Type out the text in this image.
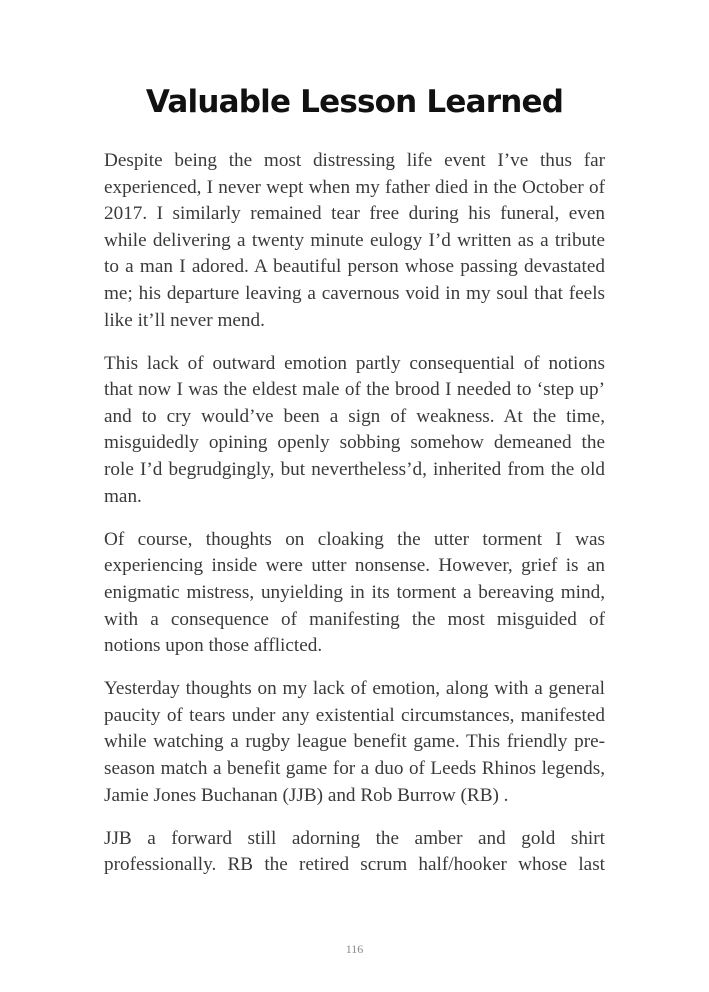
Valuable Lesson Learned

Despite being the most distressing life event I’ve thus far experienced, I never wept when my father died in the October of 2017. I similarly remained tear free during his funeral, even while delivering a twenty minute eulogy I’d written as a tribute to a man I adored. A beautiful person whose passing devastated me; his departure leaving a cavernous void in my soul that feels like it’ll never mend.

This lack of outward emotion partly consequential of notions that now I was the eldest male of the brood I needed to ‘step up’ and to cry would’ve been a sign of weakness. At the time, misguidedly opining openly sobbing somehow demeaned the role I’d begrudgingly, but nevertheless’d, inherited from the old man.

Of course, thoughts on cloaking the utter torment I was experiencing inside were utter nonsense. However, grief is an enigmatic mistress, unyielding in its torment a bereaving mind, with a consequence of manifesting the most misguided of notions upon those afflicted.

Yesterday thoughts on my lack of emotion, along with a general paucity of tears under any existential circumstances, manifested while watching a rugby league benefit game. This friendly pre-season match a benefit game for a duo of Leeds Rhinos legends, Jamie Jones Buchanan (JJB) and Rob Burrow (RB) .

JJB a forward still adorning the amber and gold shirt professionally. RB the retired scrum half/hooker whose last

116
